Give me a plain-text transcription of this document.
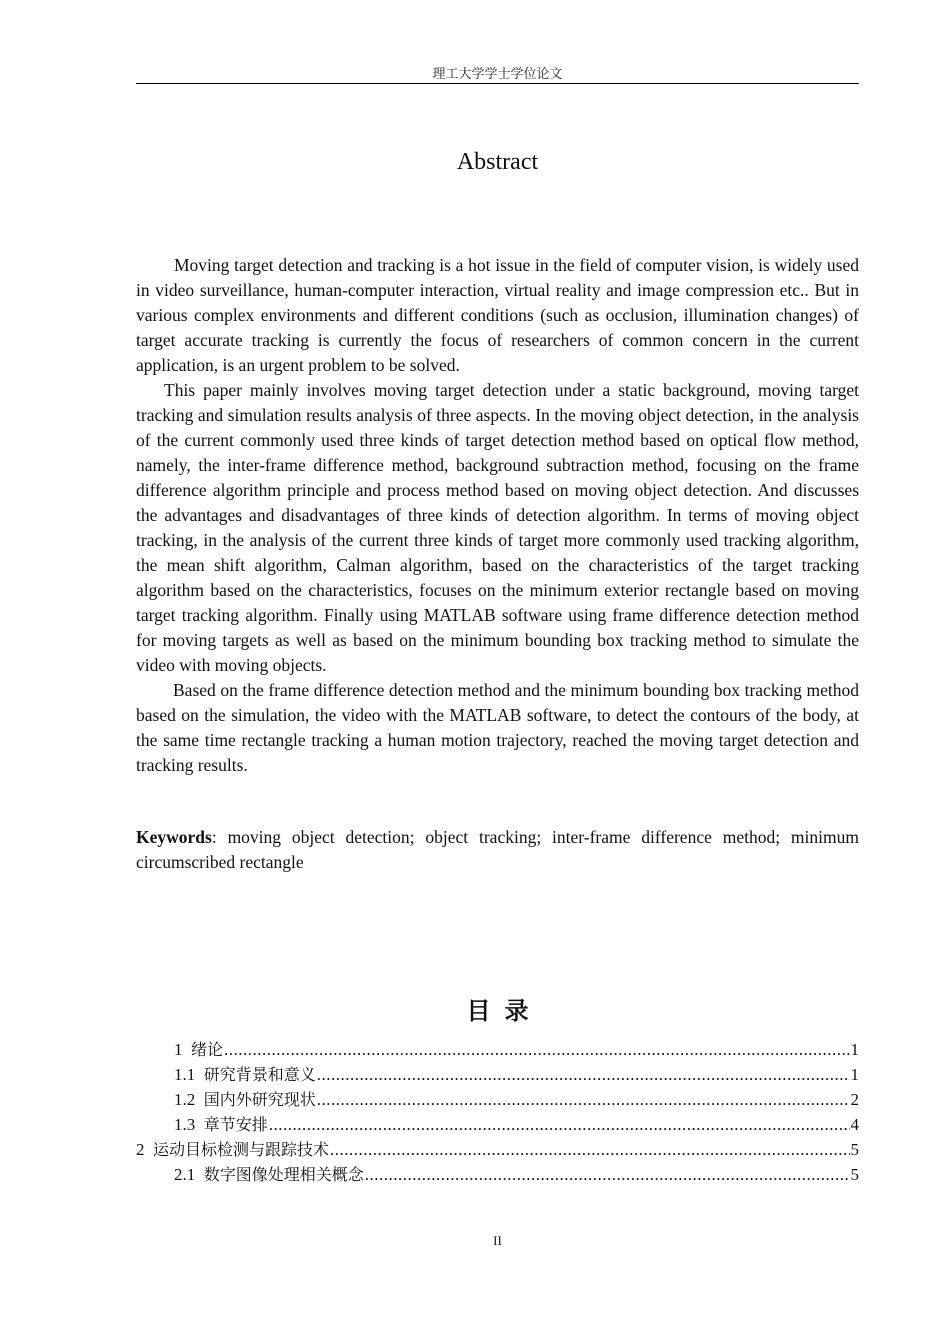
理工大学学士学位论文
Abstract

Moving target detection and tracking is a hot issue in the field of computer vision, is widely used in video surveillance, human-computer interaction, virtual reality and image compression etc.. But in various complex environments and different conditions (such as occlusion, illumination changes) of target accurate tracking is currently the focus of researchers of common concern in the current application, is an urgent problem to be solved.

This paper mainly involves moving target detection under a static background, moving target tracking and simulation results analysis of three aspects. In the moving object detection, in the analysis of the current commonly used three kinds of target detection method based on optical flow method, namely, the inter-frame difference method, background subtraction method, focusing on the frame difference algorithm principle and process method based on moving object detection. And discusses the advantages and disadvantages of three kinds of detection algorithm. In terms of moving object tracking, in the analysis of the current three kinds of target more commonly used tracking algorithm, the mean shift algorithm, Calman algorithm, based on the characteristics of the target tracking algorithm based on the characteristics, focuses on the minimum exterior rectangle based on moving target tracking algorithm. Finally using MATLAB software using frame difference detection method for moving targets as well as based on the minimum bounding box tracking method to simulate the video with moving objects.

Based on the frame difference detection method and the minimum bounding box tracking method based on the simulation, the video with the MATLAB software, to detect the contours of the body, at the same time rectangle tracking a human motion trajectory, reached the moving target detection and tracking results.

Keywords: moving object detection; object tracking; inter-frame difference method; minimum circumscribed rectangle
目录
1 绪论 .....	1
1.1 研究背景和意义 .....	1
1.2 国内外研究现状 .....	2
1.3 章节安排 .....	4
2 运动目标检测与跟踪技术 .....	5
2.1 数字图像处理相关概念 .....	5
II
